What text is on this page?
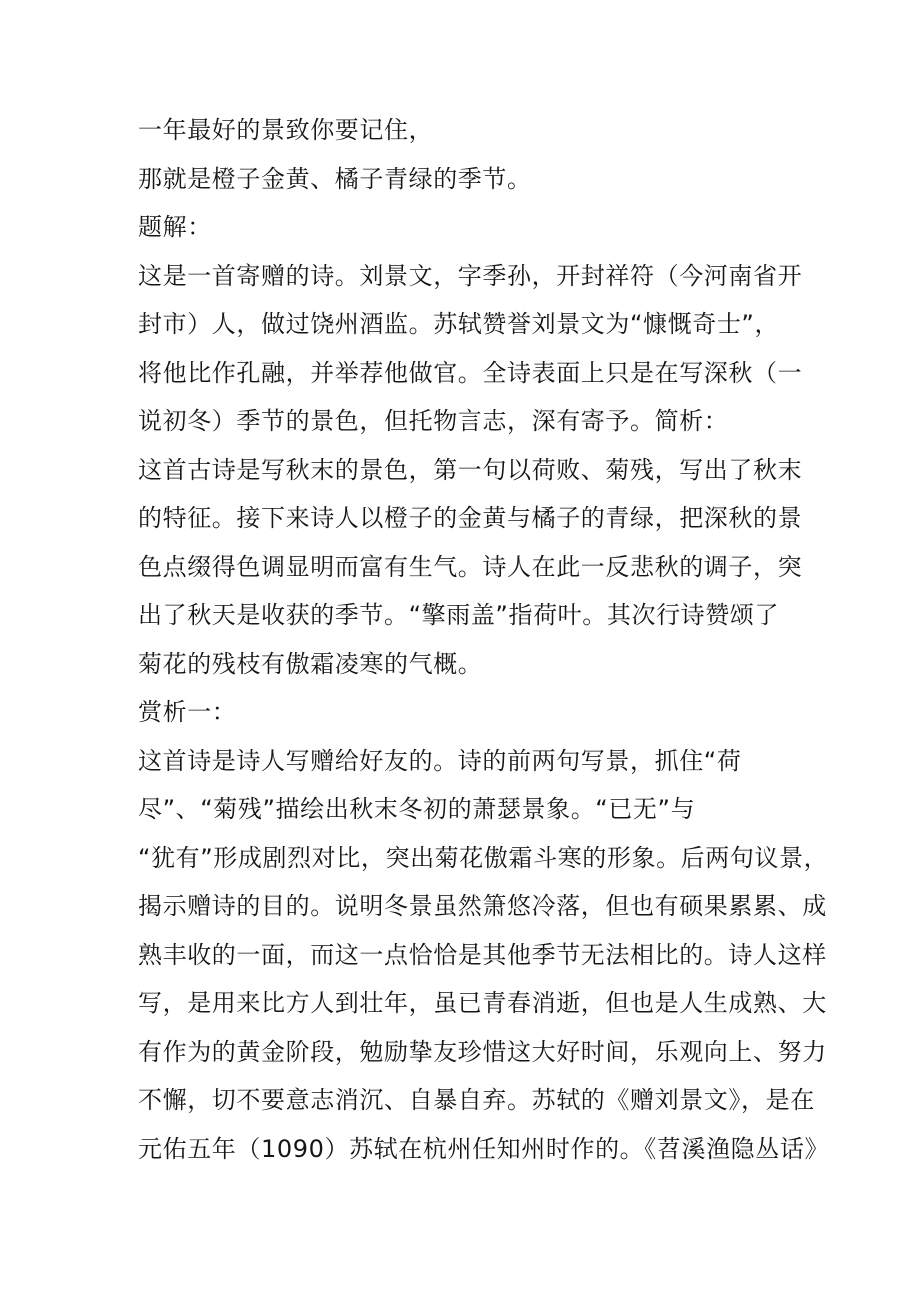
一年最好的景致你要记住，
那就是橙子金黄、橘子青绿的季节。
题解：
这是一首寄赠的诗。刘景文，字季孙，开封祥符（今河南省开
封市）人，做过饶州酒监。苏轼赞誉刘景文为“慷慨奇士”，
将他比作孔融，并举荐他做官。全诗表面上只是在写深秋（一
说初冬）季节的景色，但托物言志，深有寄予。简析：
这首古诗是写秋末的景色，第一句以荷败、菊残，写出了秋末
的特征。接下来诗人以橙子的金黄与橘子的青绿，把深秋的景
色点缀得色调显明而富有生气。诗人在此一反悲秋的调子，突
出了秋天是收获的季节。“擎雨盖”指荷叶。其次行诗赞颂了
菊花的残枝有傲霜凌寒的气概。
赏析一：
这首诗是诗人写赠给好友的。诗的前两句写景，抓住“荷
尽”、“菊残”描绘出秋末冬初的萧瑟景象。“已无”与
“犹有”形成剧烈对比，突出菊花傲霜斗寒的形象。后两句议景，
揭示赠诗的目的。说明冬景虽然箫悠冷落，但也有硕果累累、成
熟丰收的一面，而这一点恰恰是其他季节无法相比的。诗人这样
写，是用来比方人到壮年，虽已青春消逝，但也是人生成熟、大
有作为的黄金阶段，勉励挚友珍惜这大好时间，乐观向上、努力
不懈，切不要意志消沉、自暴自弃。苏轼的《赠刘景文》，是在
元佑五年（1090）苏轼在杭州任知州时作的。《苕溪渔隐丛话》
